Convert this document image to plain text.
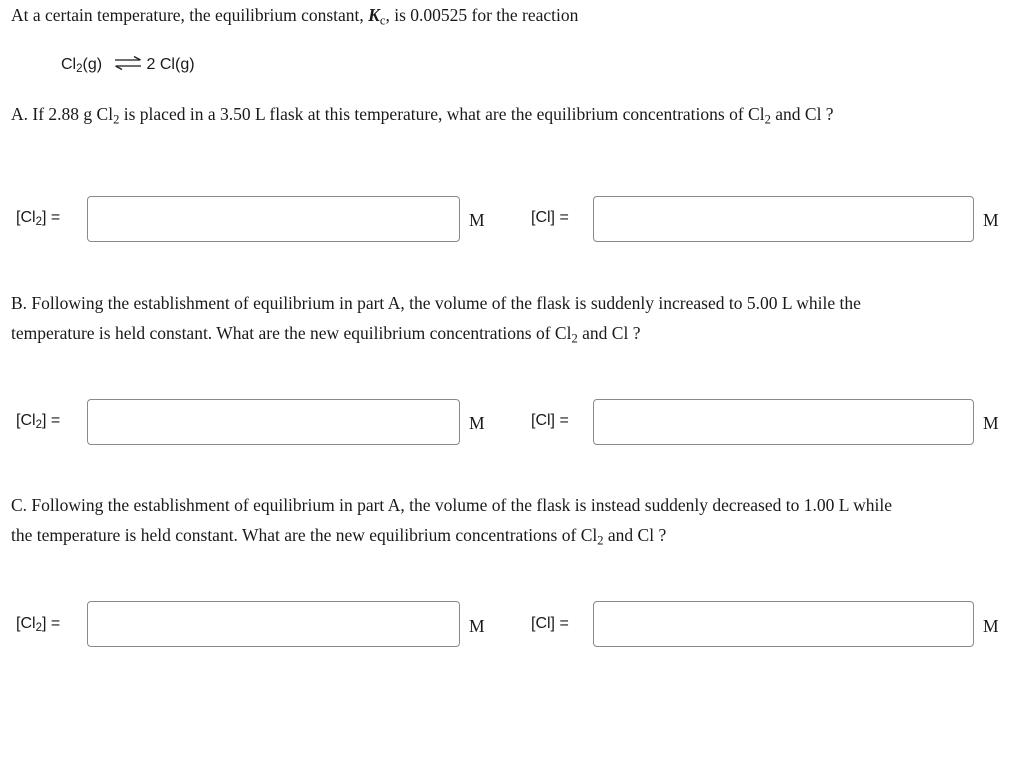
At a certain temperature, the equilibrium constant, $K_c$, is 0.00525 for the reaction
$Cl_2(g)$ ⇌ 2 Cl(g)
A. If 2.88 g $Cl_2$ is placed in a 3.50 L flask at this temperature, what are the equilibrium concentrations of $Cl_2$ and Cl ?
$[Cl_2]$ =	M	[Cl] =	M
B. Following the establishment of equilibrium in part A, the volume of the flask is suddenly increased to 5.00 L while the
temperature is held constant. What are the new equilibrium concentrations of $Cl_2$ and Cl ?
$[Cl_2]$ =	M	[Cl] =	M
C. Following the establishment of equilibrium in part A, the volume of the flask is instead suddenly decreased to 1.00 L while
the temperature is held constant. What are the new equilibrium concentrations of $Cl_2$ and Cl ?
$[Cl_2]$ =	M	[Cl] =	M
